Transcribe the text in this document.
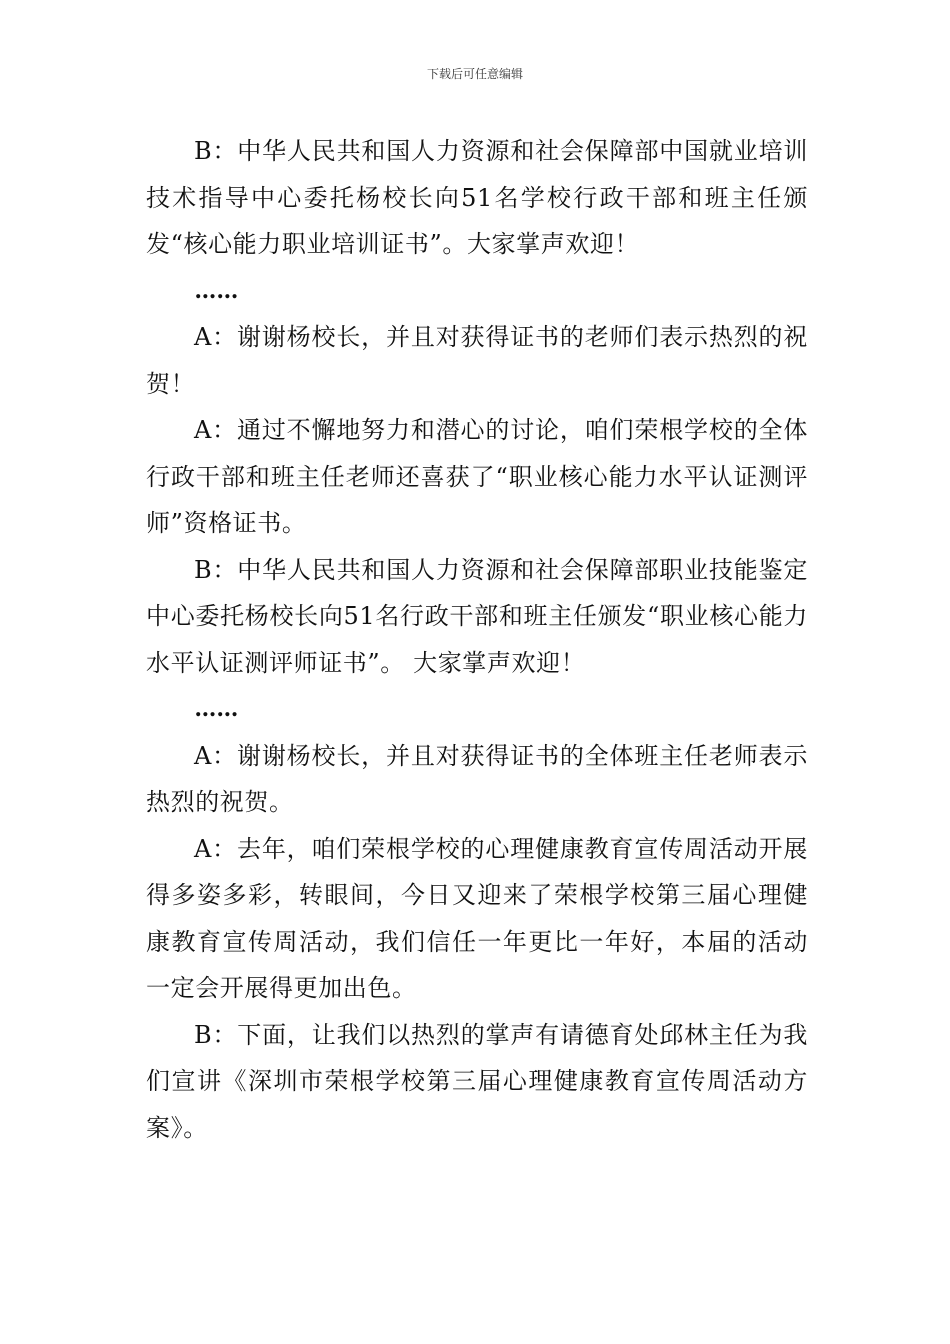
下载后可任意编辑

B：中华人民共和国人力资源和社会保障部中国就业培训技术指导中心委托杨校长向51名学校行政干部和班主任颁发“核心能力职业培训证书”。大家掌声欢迎！

……

A：谢谢杨校长，并且对获得证书的老师们表示热烈的祝贺！

A：通过不懈地努力和潜心的讨论，咱们荣根学校的全体行政干部和班主任老师还喜获了“职业核心能力水平认证测评师”资格证书。

B：中华人民共和国人力资源和社会保障部职业技能鉴定中心委托杨校长向51名行政干部和班主任颁发“职业核心能力水平认证测评师证书”。 大家掌声欢迎！

……

A：谢谢杨校长，并且对获得证书的全体班主任老师表示热烈的祝贺。

A：去年，咱们荣根学校的心理健康教育宣传周活动开展得多姿多彩，转眼间，今日又迎来了荣根学校第三届心理健康教育宣传周活动，我们信任一年更比一年好，本届的活动一定会开展得更加出色。

B：下面，让我们以热烈的掌声有请德育处邱林主任为我们宣讲《深圳市荣根学校第三届心理健康教育宣传周活动方案》。
